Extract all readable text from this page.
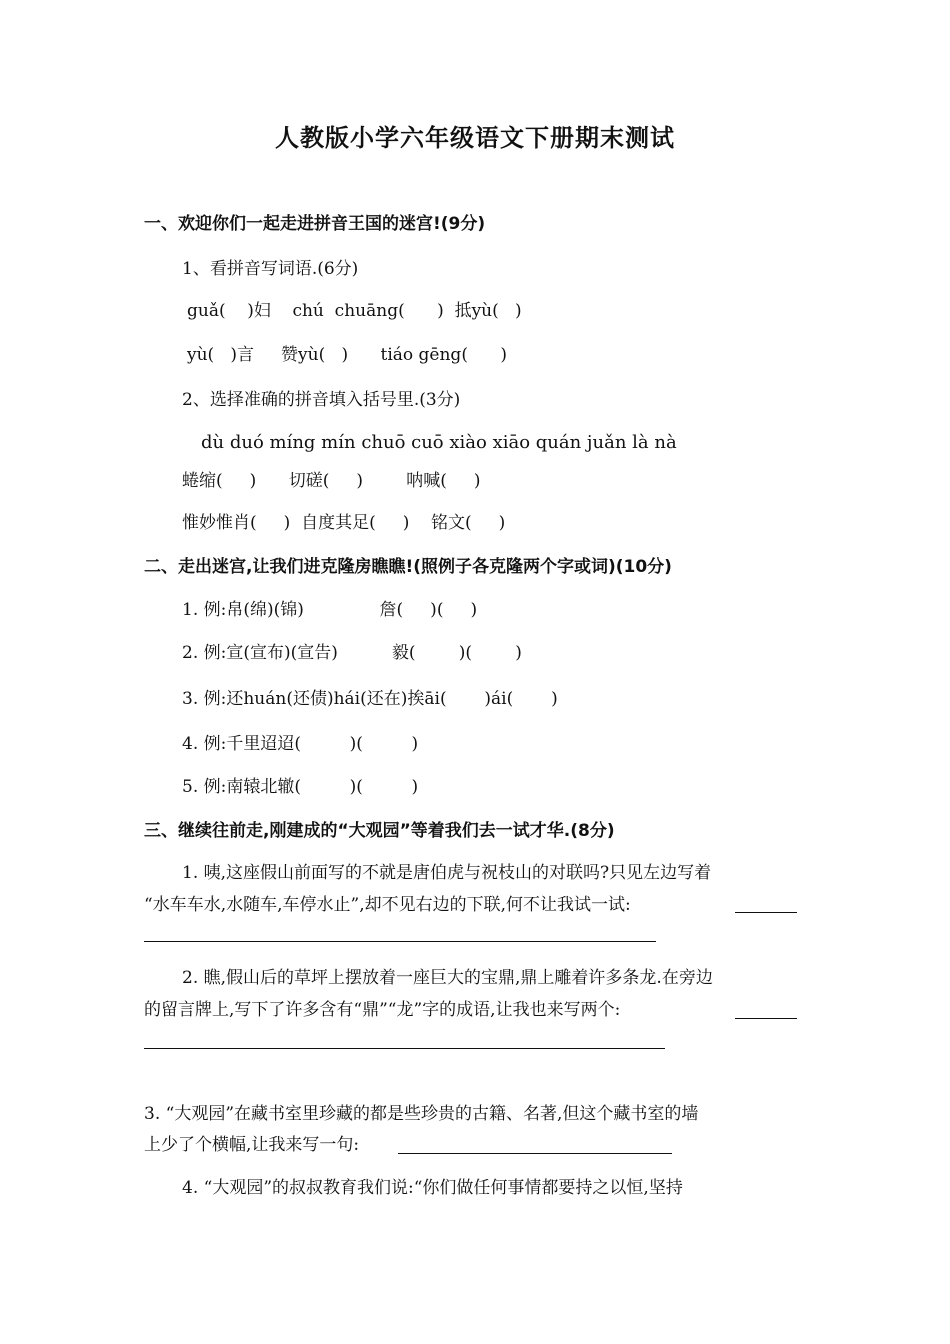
人教版小学六年级语文下册期末测试
一、欢迎你们一起走进拼音王国的迷宫!(9分)
1、看拼音写词语.(6分)
guǎ(    )妇    chú  chuāng(      )  抵yù(   )
yù(   )言     赞yù(   )      tiáo gēng(      )
2、选择准确的拼音填入括号里.(3分)
dù duó míng mín chuō cuō xiào xiāo quán juǎn là nà
蜷缩(     )      切磋(     )        呐喊(     )
惟妙惟肖(     )  自度其足(     )    铭文(     )
二、走出迷宫,让我们进克隆房瞧瞧!(照例子各克隆两个字或词)(10分)
1. 例:帛(绵)(锦)              詹(     )(     )
2. 例:宣(宣布)(宣告)          毅(        )(        )
3. 例:还huán(还债)hái(还在)挨āi(       )ái(       )
4. 例:千里迢迢(         )(         )
5. 例:南辕北辙(         )(         )
三、继续往前走,刚建成的“大观园”等着我们去一试才华.(8分)
1. 咦,这座假山前面写的不就是唐伯虎与祝枝山的对联吗?只见左边写着
“水车车水,水随车,车停水止”,却不见右边的下联,何不让我试一试:
2. 瞧,假山后的草坪上摆放着一座巨大的宝鼎,鼎上雕着许多条龙.在旁边
的留言牌上,写下了许多含有“鼎”“龙”字的成语,让我也来写两个:
3. “大观园”在藏书室里珍藏的都是些珍贵的古籍、名著,但这个藏书室的墙
上少了个横幅,让我来写一句:
4. “大观园”的叔叔教育我们说:“你们做任何事情都要持之以恒,坚持
